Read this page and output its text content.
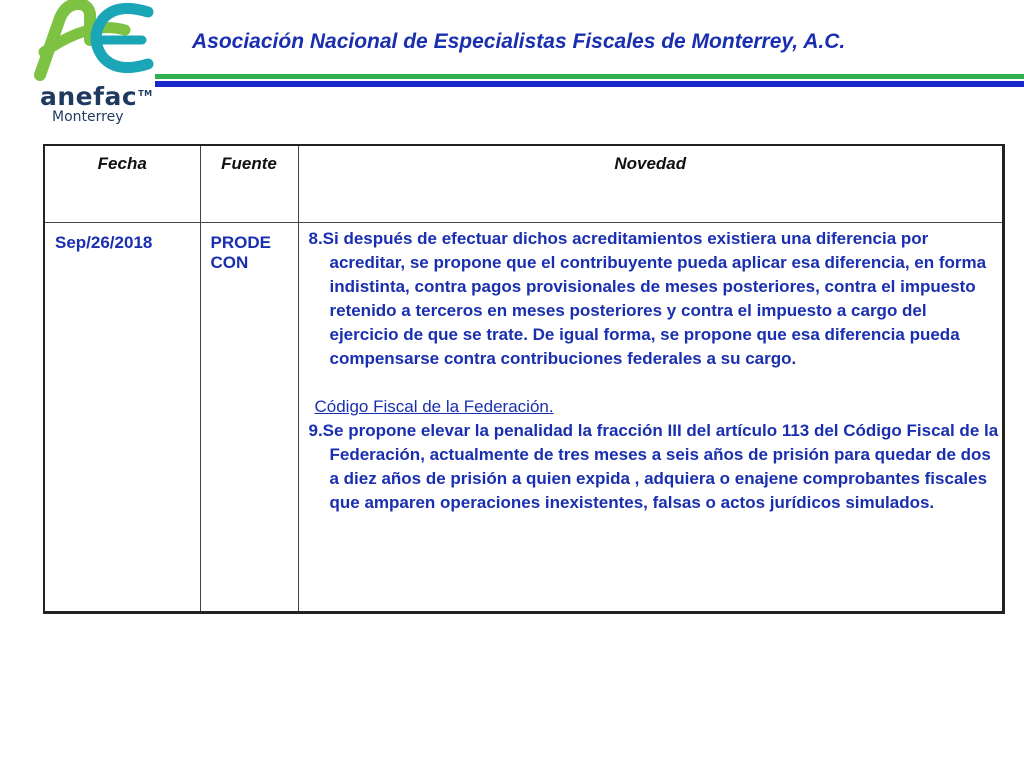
anefac™
Monterrey
Asociación Nacional de Especialistas Fiscales de Monterrey, A.C.
Fecha	Fuente	Novedad
Sep/26/2018	PRODE CON	8.Si después de efectuar dichos acreditamientos existiera una diferencia por acreditar, se propone que el contribuyente pueda aplicar esa diferencia, en forma indistinta, contra pagos provisionales de meses posteriores, contra el impuesto retenido a terceros en meses posteriores y contra el impuesto a cargo del ejercicio de que se trate. De igual forma, se propone que esa diferencia pueda compensarse contra contribuciones federales a su cargo.
Código Fiscal de la Federación.
9.Se propone elevar la penalidad la fracción III del artículo 113 del Código Fiscal de la Federación, actualmente de tres meses a seis años de prisión para quedar de dos a diez años de prisión a quien expida , adquiera o enajene comprobantes fiscales que amparen operaciones inexistentes, falsas o actos jurídicos simulados.
